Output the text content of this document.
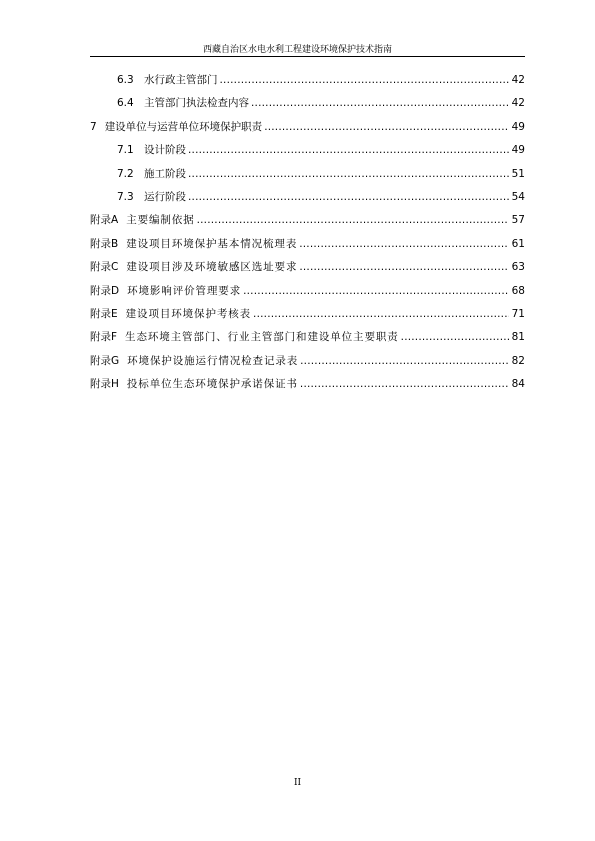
西藏自治区水电水利工程建设环境保护技术指南
6.3 水行政主管部门 .....	42
6.4 主管部门执法检查内容 .....	42
7 建设单位与运营单位环境保护职责 .....	49
7.1 设计阶段 .....	49
7.2 施工阶段 .....	51
7.3 运行阶段 .....	54
附录A 主要编制依据 .....	57
附录B 建设项目环境保护基本情况梳理表 .....	61
附录C 建设项目涉及环境敏感区选址要求 .....	63
附录D 环境影响评价管理要求 .....	68
附录E 建设项目环境保护考核表 .....	71
附录F 生态环境主管部门、行业主管部门和建设单位主要职责 .....	81
附录G 环境保护设施运行情况检查记录表 .....	82
附录H 投标单位生态环境保护承诺保证书 .....	84
II
